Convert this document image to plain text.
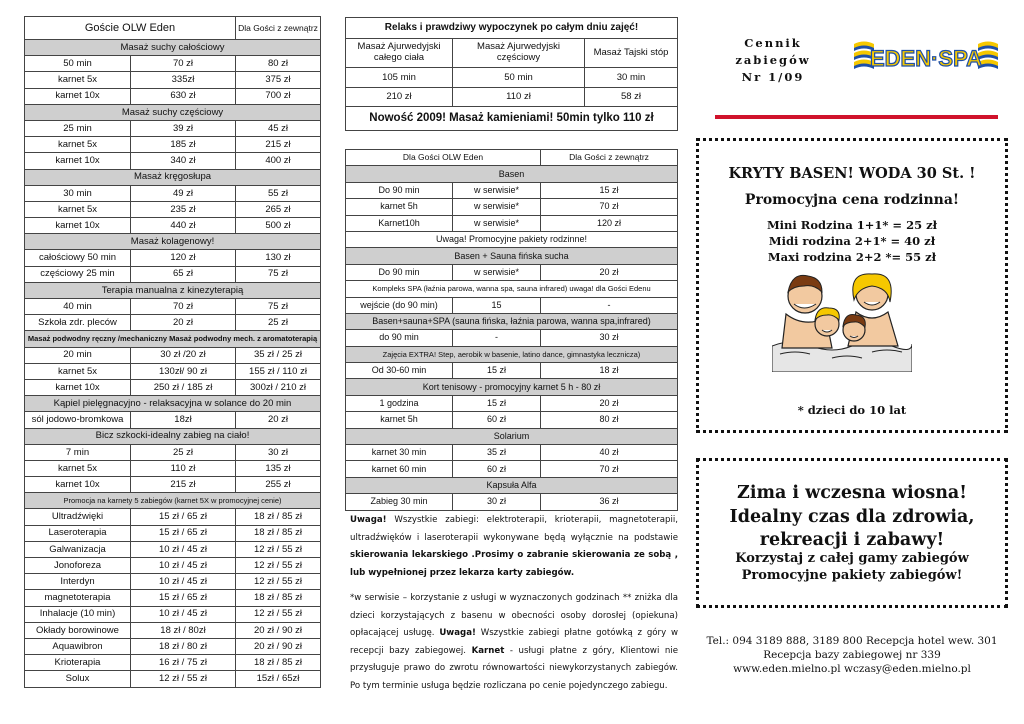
Goście OLW Eden		Dla Gości z zewnątrz
Masaż suchy całościowy		
50 min	70 zł	80 zł
karnet 5x	335zł	375 zł
karnet 10x	630 zł	700 zł
Masaż suchy częściowy		
25 min	39 zł	45 zł
karnet 5x	185 zł	215 zł
karnet 10x	340 zł	400 zł
Masaż kręgosłupa		
30 min	49 zł	55 zł
karnet 5x	235 zł	265 zł
karnet 10x	440 zł	500 zł
Masaż kolagenowy!		
całościowy 50 min	120 zł	130 zł
częściowy 25 min	65 zł	75 zł
Terapia manualna z kinezyterapią		
40 min	70 zł	75 zł
Szkoła zdr. pleców	20 zł	25 zł
Masaż podwodny ręczny /mechaniczny Masaż podwodny mech. z aromatoterapią		
20 min	30 zł /20 zł	35 zł / 25 zł
karnet 5x	130zł/ 90 zł	155 zł / 110 zł
karnet 10x	250 zł / 185 zł	300zł / 210 zł
Kąpiel pielęgnacyjno - relaksacyjna w solance do 20 min		
sól jodowo-bromkowa	18zł	20 zł
Bicz szkocki-idealny zabieg na ciało!		
7 min	25 zł	30 zł
karnet 5x	110 zł	135 zł
karnet 10x	215 zł	255 zł
Promocja na karnety 5 zabiegów (karnet 5X w promocyjnej cenie)		
Ultradźwięki	15 zł / 65 zł	18 zł / 85 zł
Laseroterapia	15 zł / 65 zł	18 zł / 85 zł
Galwanizacja	10 zł / 45 zł	12 zł / 55 zł
Jonoforeza	10 zł / 45 zł	12 zł / 55 zł
Interdyn	10 zł / 45 zł	12 zł / 55 zł
magnetoterapia	15 zł / 65 zł	18 zł / 85 zł
Inhalacje (10 min)	10 zł / 45 zł	12 zł / 55 zł
Okłady borowinowe	18 zł / 80zł	20 zł / 90 zł
Aquawibron	18 zł / 80 zł	20 zł / 90 zł
Krioterapia	16 zł / 75 zł	18 zł / 85 zł
Solux	12 zł / 55 zł	15zł / 65zł
Relaks i prawdziwy wypoczynek po całym dniu zajęć!		
Masaż Ajurwedyjski całego ciała	Masaż Ajurwedyjski częściowy	Masaż Tajski stóp
105 min	50 min	30 min
210 zł	110 zł	58 zł
Nowość 2009! Masaż kamieniami! 50min tylko 110 zł		
Dla Gości OLW Eden		Dla Gości z zewnątrz
Basen		
Do 90 min	w serwisie*	15 zł
karnet 5h	w serwisie*	70 zł
Karnet10h	w serwisie*	120 zł
Uwaga! Promocyjne pakiety rodzinne!		
Basen + Sauna fińska sucha		
Do 90 min	w serwisie*	20 zł
Kompleks SPA (łaźnia parowa, wanna spa, sauna infrared) uwaga! dla Gości Edenu		
wejście (do 90 min)	15	-
Basen+sauna+SPA (sauna fińska, łaźnia parowa, wanna spa,infrared)		
do 90 min	-	30 zł
Zajęcia EXTRA! Step, aerobik w basenie, latino dance, gimnastyka lecznicza)		
Od 30-60 min	15 zł	18 zł
Kort tenisowy - promocyjny karnet 5 h - 80 zł		
1 godzina	15 zł	20 zł
karnet 5h	60 zł	80 zł
Solarium		
karnet 30 min	35 zł	40 zł
karnet 60 min	60 zł	70 zł
Kapsuła Alfa		
Zabieg 30 min	30 zł	36 zł

Uwaga! Wszystkie zabiegi: elektroterapii, krioterapii, magnetoterapii, ultradźwięków i laseroterapii wykonywane będą wyłącznie na podstawie skierowania lekarskiego .Prosimy o zabranie skierowania ze sobą , lub wypełnionej przez lekarza karty zabiegów.

*w serwisie – korzystanie z usługi w wyznaczonych godzinach ** zniżka dla dzieci korzystających z basenu w obecności osoby dorosłej (opiekuna) opłacającej usługę. Uwaga! Wszystkie zabiegi płatne gotówką z góry w recepcji bazy zabiegowej. Karnet - usługi płatne z góry, Klientowi nie przysługuje prawo do zwrotu równowartości niewykorzystanych zabiegów. Po tym terminie usługa będzie rozliczana po cenie pojedynczego zabiegu.

Cennik
zabiegów
Nr 1/09
EDEN·SPA
KRYTY BASEN! WODA 30 St. !
Promocyjna cena rodzinna!
Mini Rodzina 1+1* = 25 zł
Midi rodzina 2+1* = 40 zł
Maxi rodzina 2+2 *= 55 zł
* dzieci do 10 lat
Zima i wczesna wiosna!
Idealny czas dla zdrowia,
rekreacji i zabawy!
Korzystaj z całej gamy zabiegów
Promocyjne pakiety zabiegów!
Tel.: 094 3189 888, 3189 800 Recepcja hotel wew. 301
Recepcja bazy zabiegowej nr 339
www.eden.mielno.pl wczasy@eden.mielno.pl
